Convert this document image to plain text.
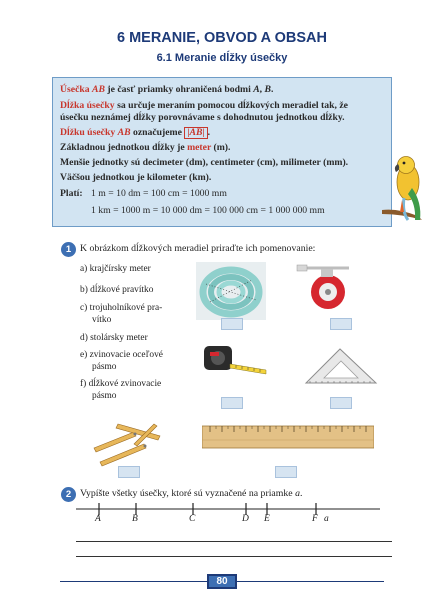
6 MERANIE, OBVOD A OBSAH
6.1 Meranie dĺžky úsečky
Úsečka AB je časť priamky ohraničená bodmi A, B.
Dĺžka úsečky sa určuje meraním pomocou dĺžkových meradiel tak, že
úsečku neznámej dĺžky porovnávame s dohodnutou jednotkou dĺžky.
Dĺžku úsečky AB označujeme |AB| .
Základnou jednotkou dĺžky je meter (m).
Menšie jednotky sú decimeter (dm), centimeter (cm), milimeter (mm).
Väčšou jednotkou je kilometer (km).
Platí: 1 m = 10 dm = 100 cm = 1000 mm
1 km = 1000 m = 10 000 dm = 100 000 cm = 1 000 000 mm
1 K obrázkom dĺžkových meradiel priraďte ich pomenovanie:
a) krajčírsky meter
b) dĺžkové pravítko
c) trojuholníkové pra-
vítko
d) stolársky meter
e) zvinovacie oceľové
pásmo
f) dĺžkové zvinovacie
pásmo
2 Vypíšte všetky úsečky, ktoré sú vyznačené na priamke a.
A	B	C	D E	F a
80
